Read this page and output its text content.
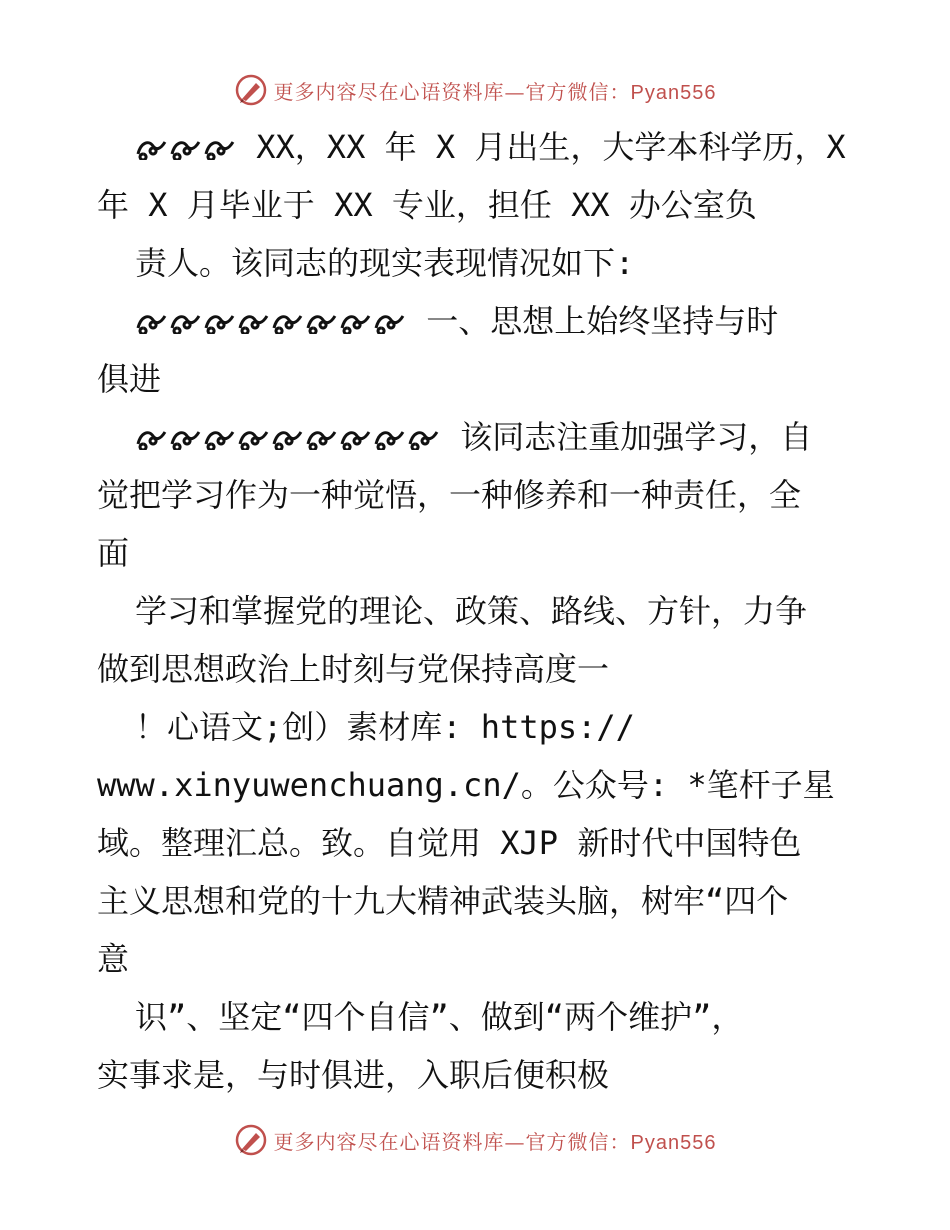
更多内容尽在心语资料库—官方微信：Pyan556
XX，XX 年 X 月出生，大学本科学历，X
年 X 月毕业于 XX 专业，担任 XX 办公室负
责人。该同志的现实表现情况如下:
一、思想上始终坚持与时
俱进
该同志注重加强学习，自
觉把学习作为一种觉悟，一种修养和一种责任，全
面
学习和掌握党的理论、政策、路线、方针，力争
做到思想政治上时刻与党保持高度一
！心语文;创）素材库: https://
www.xinyuwenchuang.cn/。公众号: *笔杆子星
域。整理汇总。致。自觉用 XJP 新时代中国特色
主义思想和党的十九大精神武装头脑，树牢“四个
意
识”、坚定“四个自信”、做到“两个维护”，
实事求是，与时俱进，入职后便积极
更多内容尽在心语资料库—官方微信：Pyan556
